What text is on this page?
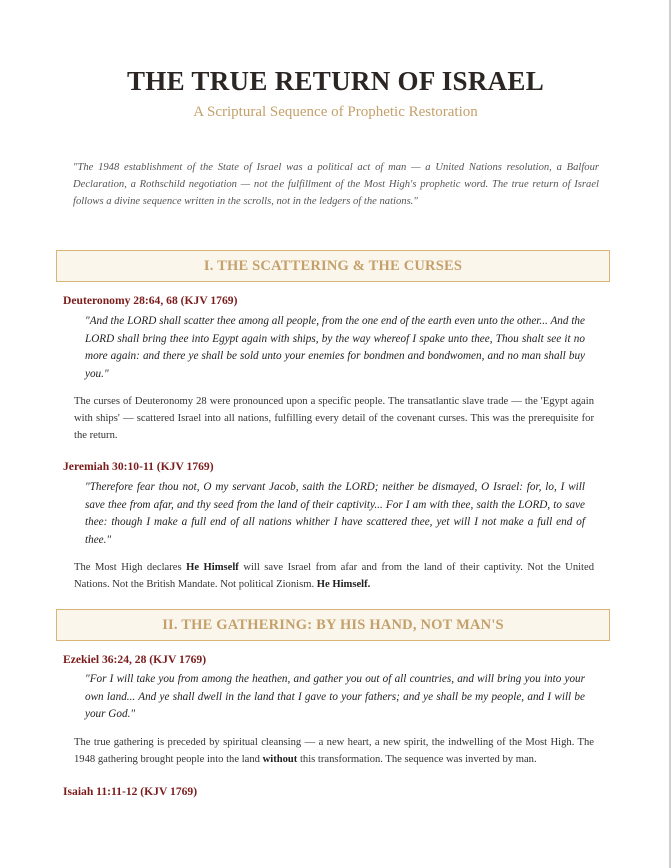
THE TRUE RETURN OF ISRAEL

A Scriptural Sequence of Prophetic Restoration

"The 1948 establishment of the State of Israel was a political act of man — a United Nations resolution, a Balfour Declaration, a Rothschild negotiation — not the fulfillment of the Most High's prophetic word. The true return of Israel follows a divine sequence written in the scrolls, not in the ledgers of the nations."

I. THE SCATTERING & THE CURSES
Deuteronomy 28:64, 68 (KJV 1769)

"And the LORD shall scatter thee among all people, from the one end of the earth even unto the other... And the LORD shall bring thee into Egypt again with ships, by the way whereof I spake unto thee, Thou shalt see it no more again: and there ye shall be sold unto your enemies for bondmen and bondwomen, and no man shall buy you."

The curses of Deuteronomy 28 were pronounced upon a specific people. The transatlantic slave trade — the 'Egypt again with ships' — scattered Israel into all nations, fulfilling every detail of the covenant curses. This was the prerequisite for the return.

Jeremiah 30:10-11 (KJV 1769)

"Therefore fear thou not, O my servant Jacob, saith the LORD; neither be dismayed, O Israel: for, lo, I will save thee from afar, and thy seed from the land of their captivity... For I am with thee, saith the LORD, to save thee: though I make a full end of all nations whither I have scattered thee, yet will I not make a full end of thee."

The Most High declares He Himself will save Israel from afar and from the land of their captivity. Not the United Nations. Not the British Mandate. Not political Zionism. He Himself.

II. THE GATHERING: BY HIS HAND, NOT MAN'S
Ezekiel 36:24, 28 (KJV 1769)

"For I will take you from among the heathen, and gather you out of all countries, and will bring you into your own land... And ye shall dwell in the land that I gave to your fathers; and ye shall be my people, and I will be your God."

The true gathering is preceded by spiritual cleansing — a new heart, a new spirit, the indwelling of the Most High. The 1948 gathering brought people into the land without this transformation. The sequence was inverted by man.

Isaiah 11:11-12 (KJV 1769)
